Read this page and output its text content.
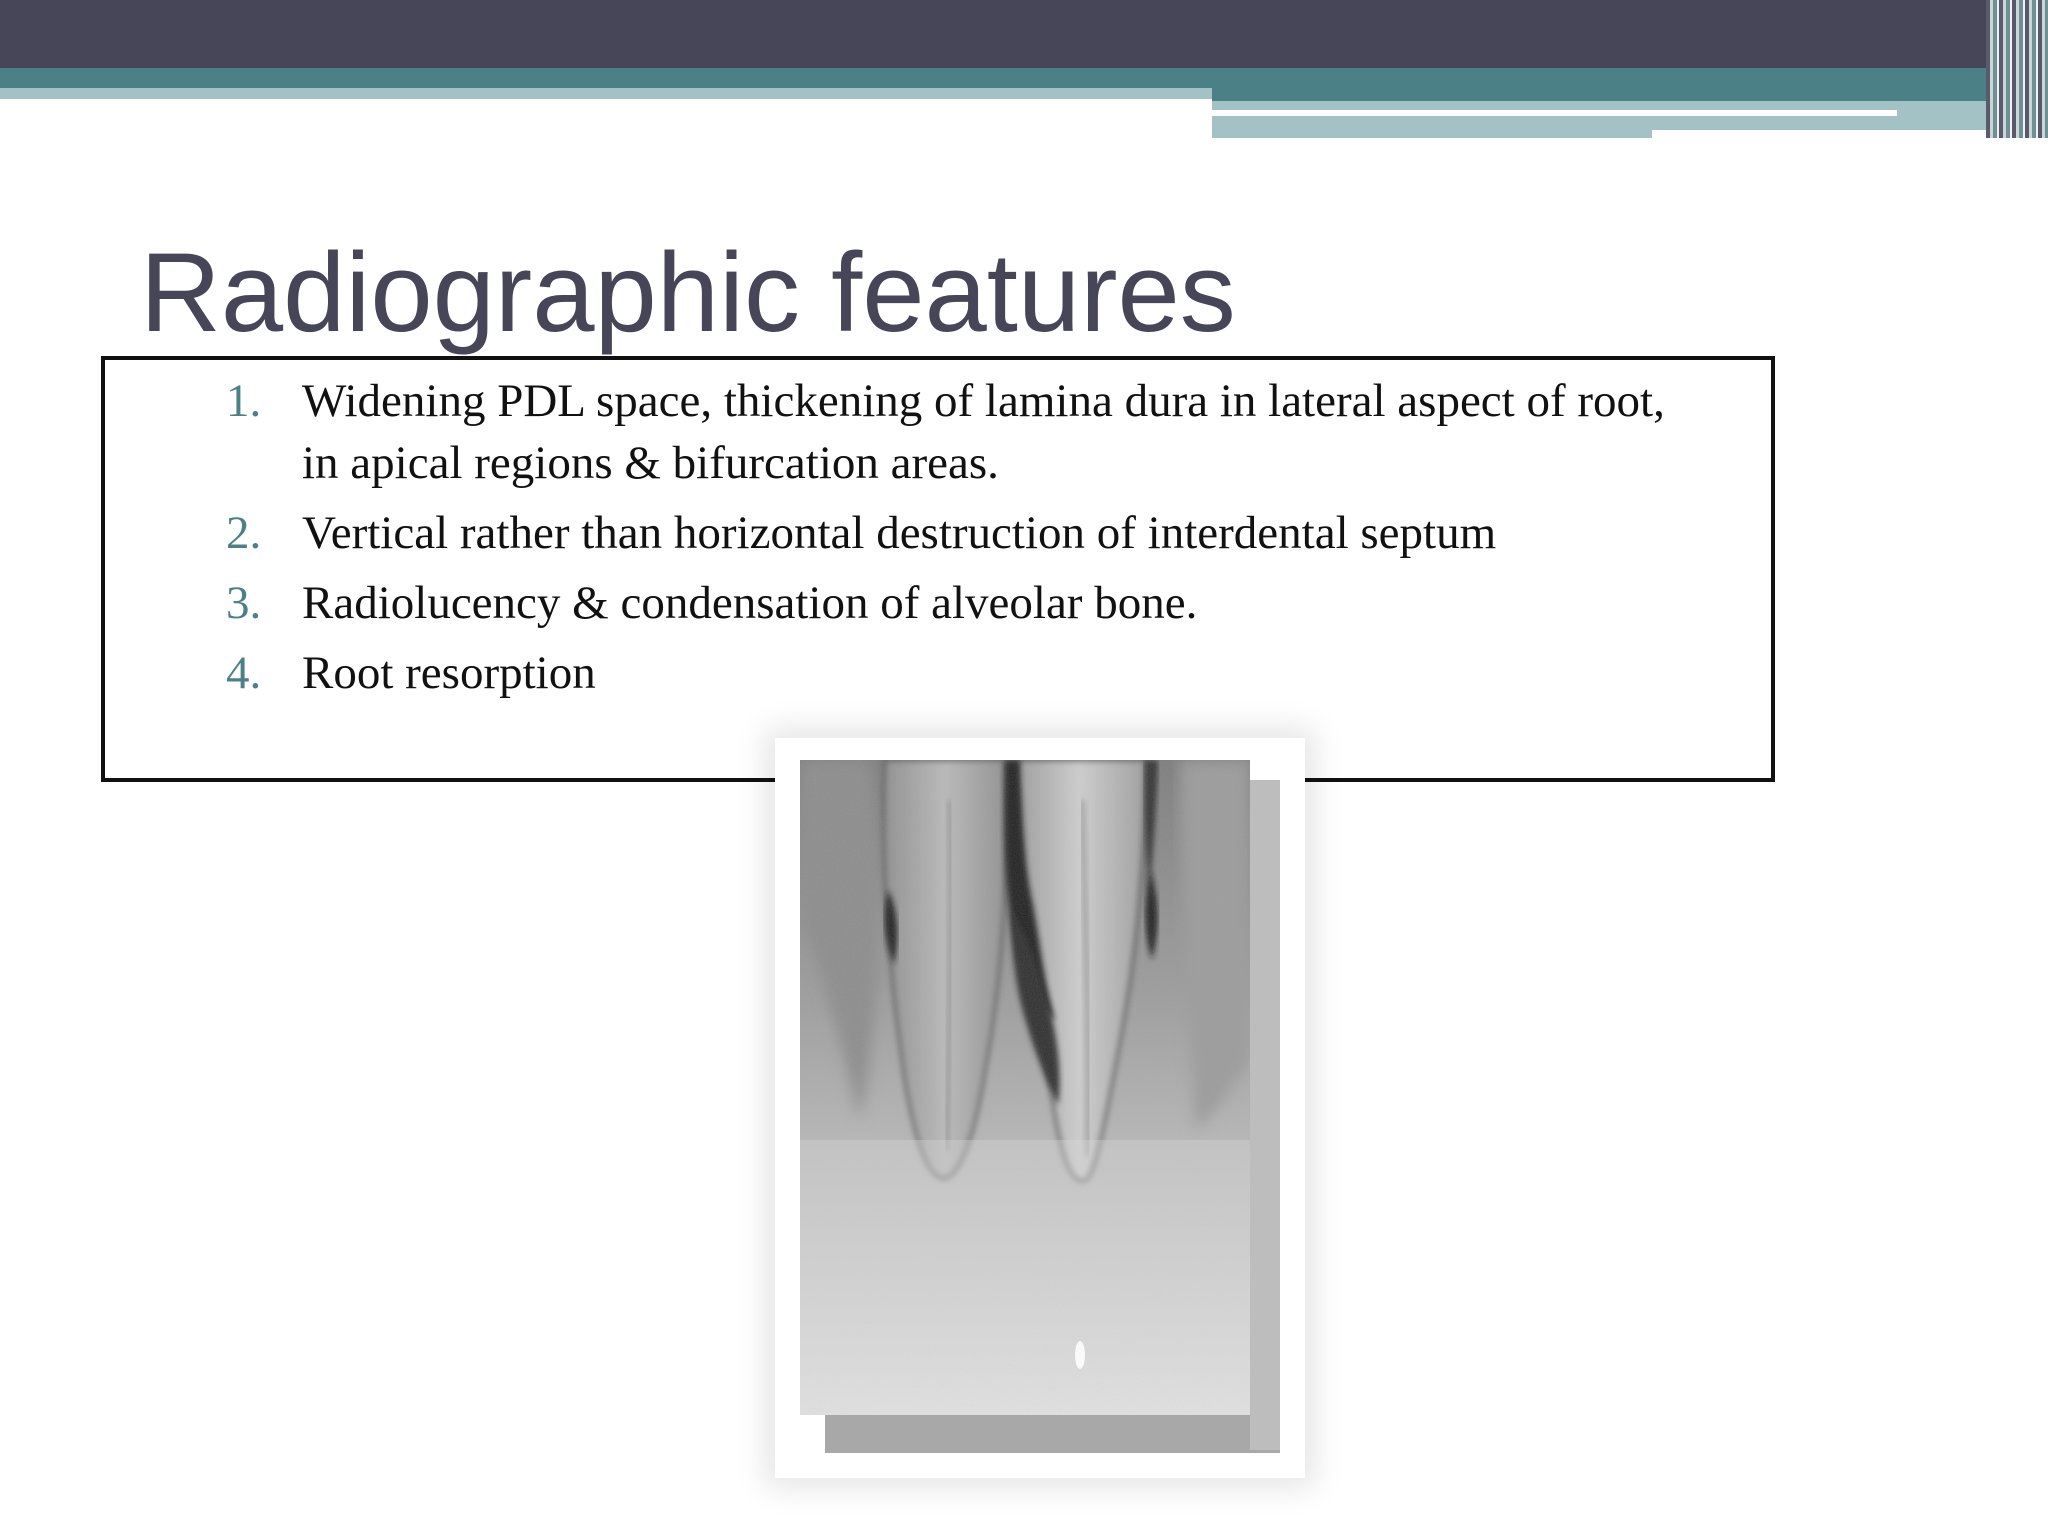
Radiographic features
1. Widening PDL space, thickening of lamina dura in lateral aspect of root, in apical regions & bifurcation areas.
2. Vertical rather than horizontal destruction of interdental septum
3. Radiolucency & condensation of alveolar bone.
4. Root resorption
